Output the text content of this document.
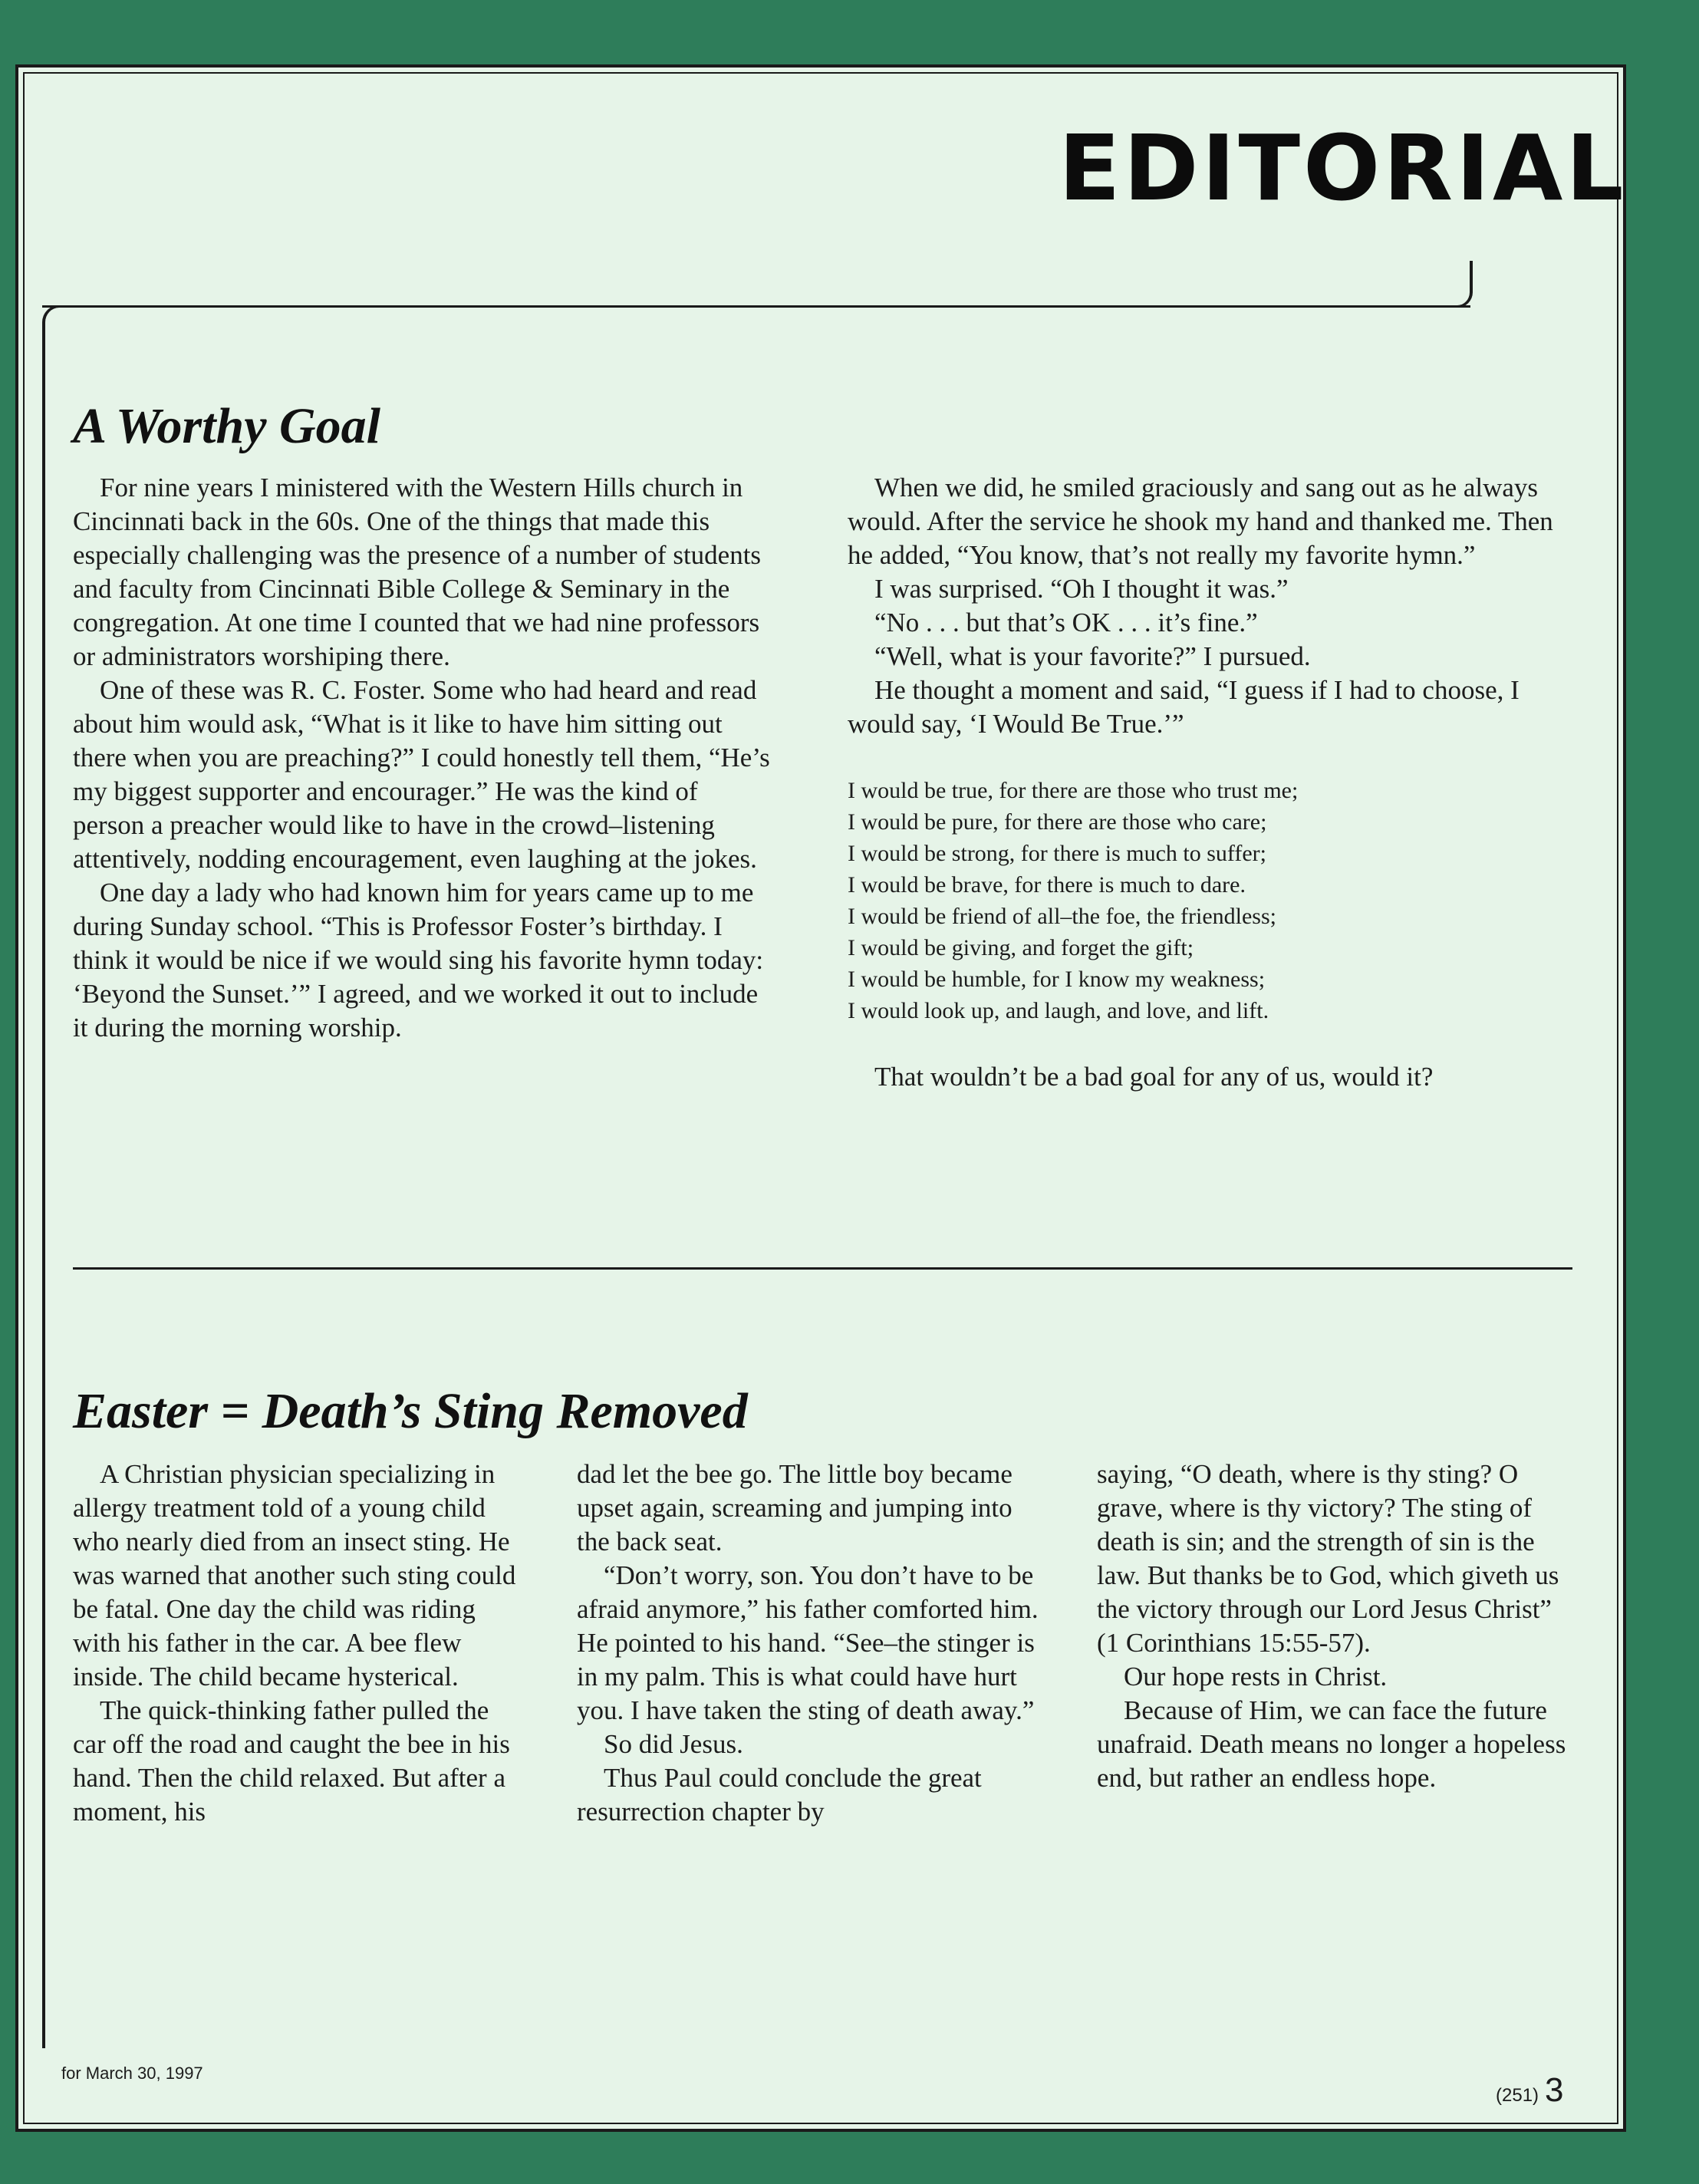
EDITORIAL
A Worthy Goal

For nine years I ministered with the Western Hills church in Cincinnati back in the 60s. One of the things that made this especially challenging was the presence of a number of students and faculty from Cincinnati Bible College & Seminary in the congregation. At one time I counted that we had nine professors or administrators worshiping there.

One of these was R. C. Foster. Some who had heard and read about him would ask, “What is it like to have him sitting out there when you are preaching?” I could honestly tell them, “He’s my biggest supporter and encourager.” He was the kind of person a preacher would like to have in the crowd–listening attentively, nodding encouragement, even laughing at the jokes.

One day a lady who had known him for years came up to me during Sunday school. “This is Professor Foster’s birthday. I think it would be nice if we would sing his favorite hymn today: ‘Beyond the Sunset.’” I agreed, and we worked it out to include it during the morning worship.

When we did, he smiled graciously and sang out as he always would. After the service he shook my hand and thanked me. Then he added, “You know, that’s not really my favorite hymn.”

I was surprised. “Oh I thought it was.”

“No . . . but that’s OK . . . it’s fine.”

“Well, what is your favorite?” I pursued.

He thought a moment and said, “I guess if I had to choose, I would say, ‘I Would Be True.’”

I would be true, for there are those who trust me;
I would be pure, for there are those who care;
I would be strong, for there is much to suffer;
I would be brave, for there is much to dare.
I would be friend of all–the foe, the friendless;
I would be giving, and forget the gift;
I would be humble, for I know my weakness;
I would look up, and laugh, and love, and lift.

That wouldn’t be a bad goal for any of us, would it?

Easter = Death’s Sting Removed

A Christian physician specializing in allergy treatment told of a young child who nearly died from an insect sting. He was warned that another such sting could be fatal. One day the child was riding with his father in the car. A bee flew inside. The child became hysterical.

The quick-thinking father pulled the car off the road and caught the bee in his hand. Then the child relaxed. But after a moment, his

dad let the bee go. The little boy became upset again, screaming and jumping into the back seat.

“Don’t worry, son. You don’t have to be afraid anymore,” his father comforted him. He pointed to his hand. “See–the stinger is in my palm. This is what could have hurt you. I have taken the sting of death away.”

So did Jesus.

Thus Paul could conclude the great resurrection chapter by

saying, “O death, where is thy sting? O grave, where is thy victory? The sting of death is sin; and the strength of sin is the law. But thanks be to God, which giveth us the victory through our Lord Jesus Christ” (1 Corinthians 15:55-57).

Our hope rests in Christ.

Because of Him, we can face the future unafraid. Death means no longer a hopeless end, but rather an endless hope.

for March 30, 1997
(251) 3
